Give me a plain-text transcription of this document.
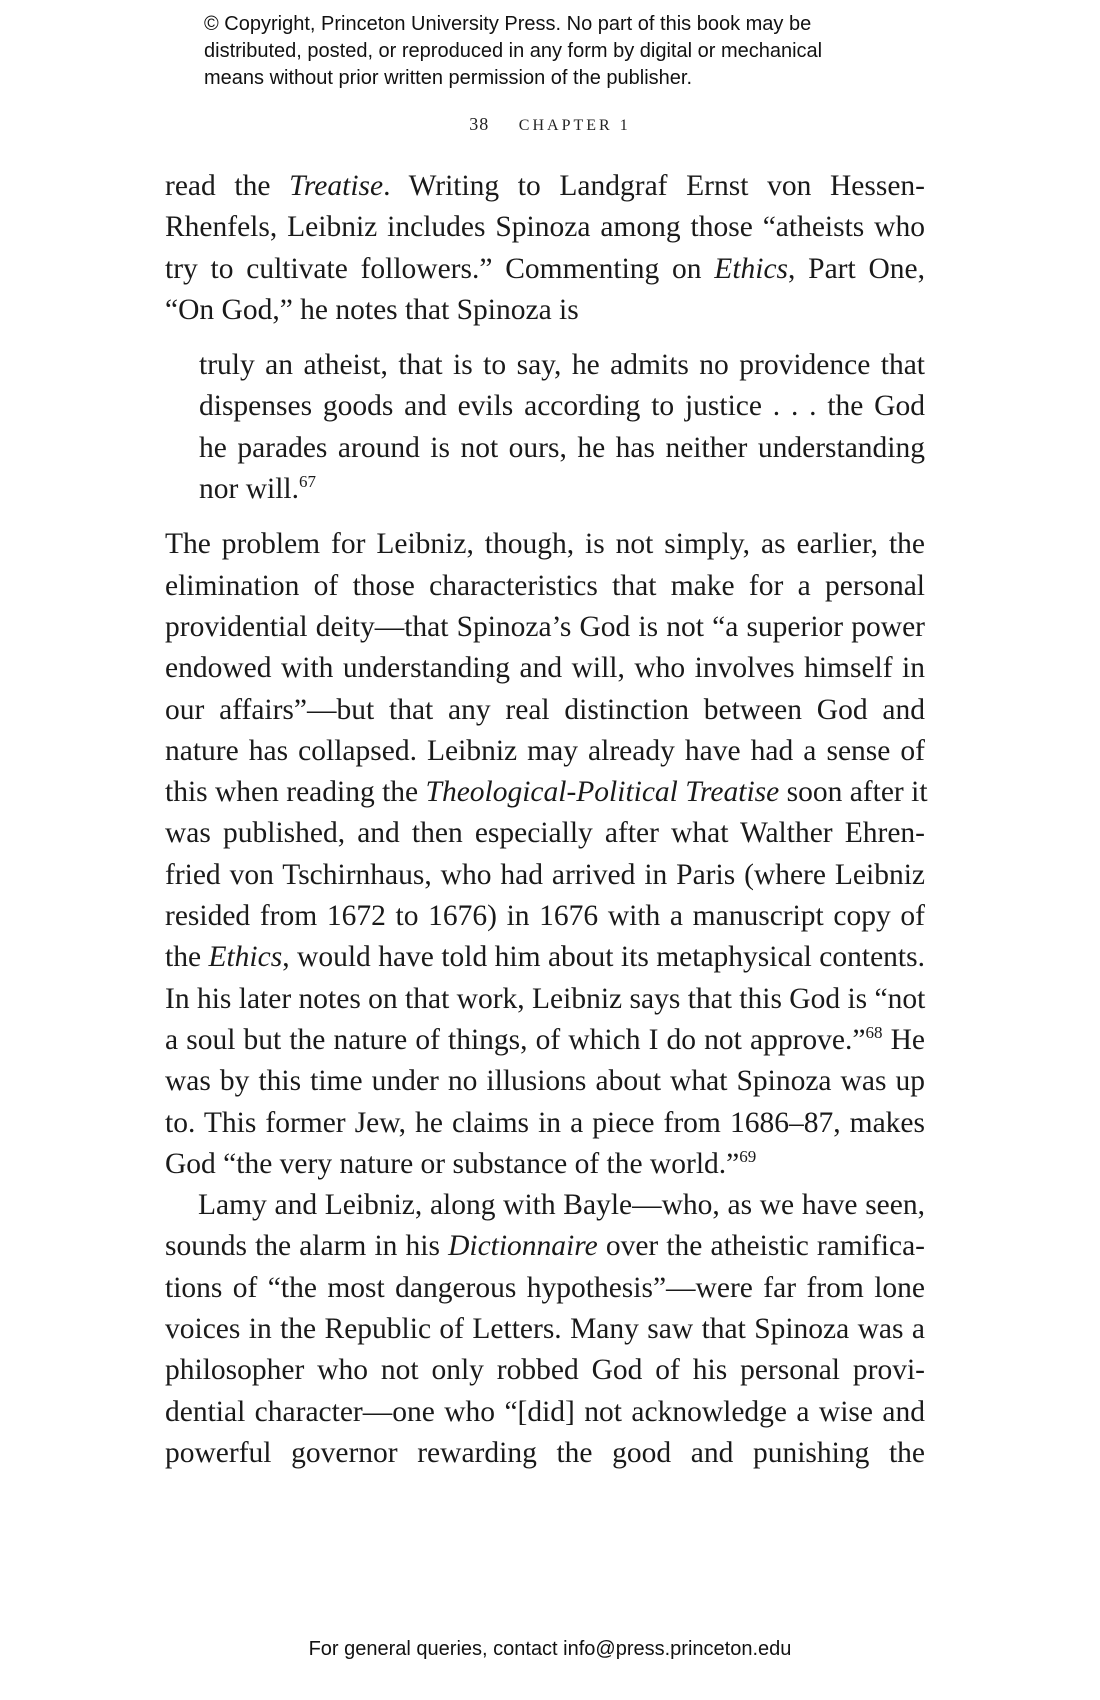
© Copyright, Princeton University Press. No part of this book may be
distributed, posted, or reproduced in any form by digital or mechanical
means without prior written permission of the publisher.
38 CHAPTER 1
read the Treatise. Writing to Landgraf Ernst von Hessen-
Rhenfels, Leibniz includes Spinoza among those “atheists who
try to cultivate followers.” Commenting on Ethics, Part One,
“On God,” he notes that Spinoza is
truly an atheist, that is to say, he admits no providence that
dispenses goods and evils according to justice . . . the God
he parades around is not ours, he has neither understanding
nor will.$^{67}$
The problem for Leibniz, though, is not simply, as earlier, the
elimination of those characteristics that make for a personal
providential deity—that Spinoza’s God is not “a superior power
endowed with understanding and will, who involves himself in
our affairs”—but that any real distinction between God and
nature has collapsed. Leibniz may already have had a sense of
this when reading the Theological-Political Treatise soon after it
was published, and then especially after what Walther Ehren-
fried von Tschirnhaus, who had arrived in Paris (where Leibniz
resided from 1672 to 1676) in 1676 with a manuscript copy of
the Ethics, would have told him about its metaphysical contents.
In his later notes on that work, Leibniz says that this God is “not
a soul but the nature of things, of which I do not approve.”$^{68}$ He
was by this time under no illusions about what Spinoza was up
to. This former Jew, he claims in a piece from 1686–87, makes
God “the very nature or substance of the world.”$^{69}$
Lamy and Leibniz, along with Bayle—who, as we have seen,
sounds the alarm in his Dictionnaire over the atheistic ramifica-
tions of “the most dangerous hypothesis”—were far from lone
voices in the Republic of Letters. Many saw that Spinoza was a
philosopher who not only robbed God of his personal provi-
dential character—one who “[did] not acknowledge a wise and
powerful governor rewarding the good and punishing the
For general queries, contact info@press.princeton.edu
